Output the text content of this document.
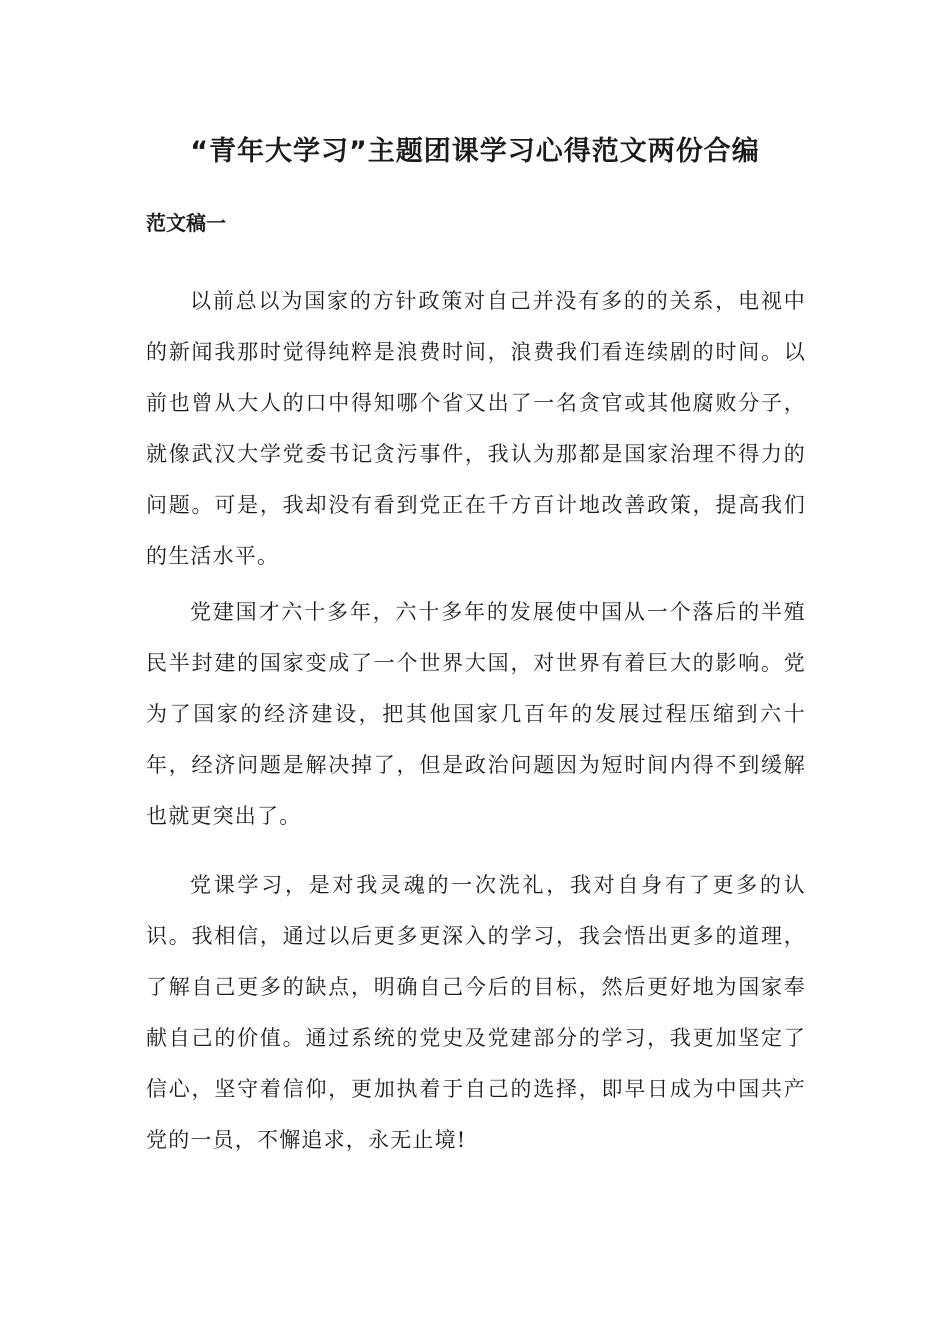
“青年大学习”主题团课学习心得范文两份合编
范文稿一

以前总以为国家的方针政策对自己并没有多的的关系，电视中的新闻我那时觉得纯粹是浪费时间，浪费我们看连续剧的时间。以前也曾从大人的口中得知哪个省又出了一名贪官或其他腐败分子，就像武汉大学党委书记贪污事件，我认为那都是国家治理不得力的问题。可是，我却没有看到党正在千方百计地改善政策，提高我们的生活水平。

党建国才六十多年，六十多年的发展使中国从一个落后的半殖民半封建的国家变成了一个世界大国，对世界有着巨大的影响。党为了国家的经济建设，把其他国家几百年的发展过程压缩到六十年，经济问题是解决掉了，但是政治问题因为短时间内得不到缓解也就更突出了。

党课学习，是对我灵魂的一次洗礼，我对自身有了更多的认识。我相信，通过以后更多更深入的学习，我会悟出更多的道理，了解自己更多的缺点，明确自己今后的目标，然后更好地为国家奉献自己的价值。通过系统的党史及党建部分的学习，我更加坚定了信心，坚守着信仰，更加执着于自己的选择，即早日成为中国共产党的一员，不懈追求，永无止境!
